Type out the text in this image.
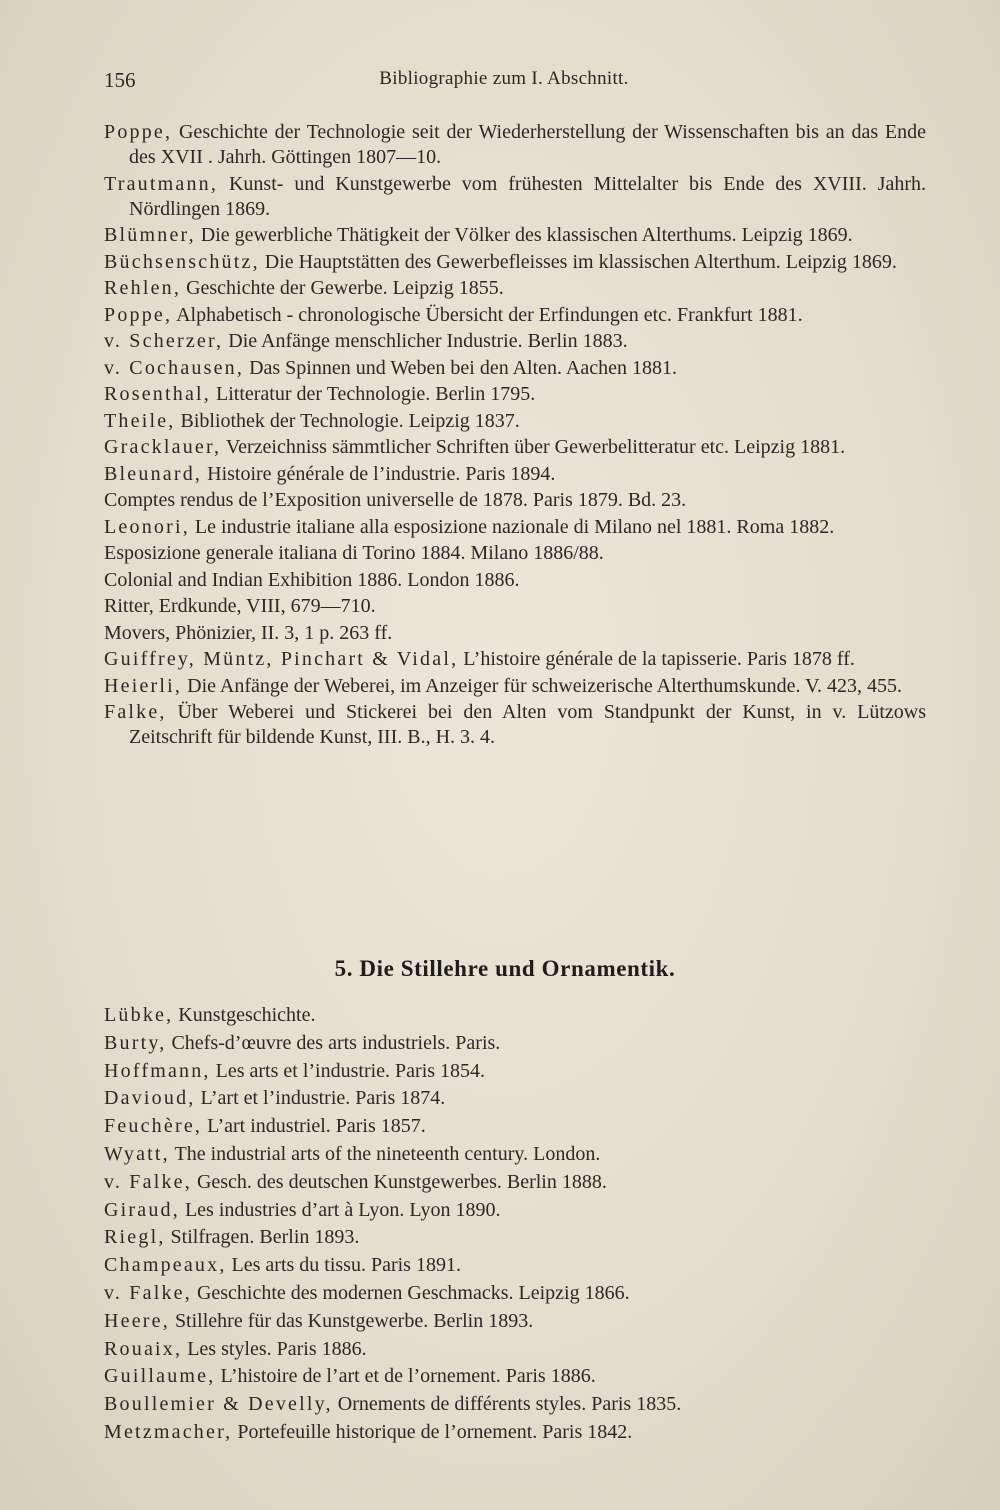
156	Bibliographie zum I. Abschnitt.

Poppe, Geschichte der Technologie seit der Wiederherstellung der Wissenschaften bis an das Ende des XVII . Jahrh. Göttingen 1807—10.

Trautmann, Kunst- und Kunstgewerbe vom frühesten Mittelalter bis Ende des XVIII. Jahrh. Nördlingen 1869.

Blümner, Die gewerbliche Thätigkeit der Völker des klassischen Alterthums. Leipzig 1869.

Büchsenschütz, Die Hauptstätten des Gewerbefleisses im klassischen Alterthum. Leipzig 1869.

Rehlen, Geschichte der Gewerbe. Leipzig 1855.

Poppe, Alphabetisch - chronologische Übersicht der Erfindungen etc. Frankfurt 1881.

v. Scherzer, Die Anfänge menschlicher Industrie. Berlin 1883.

v. Cochausen, Das Spinnen und Weben bei den Alten. Aachen 1881.

Rosenthal, Litteratur der Technologie. Berlin 1795.

Theile, Bibliothek der Technologie. Leipzig 1837.

Gracklauer, Verzeichniss sämmtlicher Schriften über Gewerbelitteratur etc. Leipzig 1881.

Bleunard, Histoire générale de l’industrie. Paris 1894.

Comptes rendus de l’Exposition universelle de 1878. Paris 1879. Bd. 23.

Leonori, Le industrie italiane alla esposizione nazionale di Milano nel 1881. Roma 1882.

Esposizione generale italiana di Torino 1884. Milano 1886/88.

Colonial and Indian Exhibition 1886. London 1886.

Ritter, Erdkunde, VIII, 679—710.

Movers, Phönizier, II. 3, 1 p. 263 ff.

Guiffrey, Müntz, Pinchart & Vidal, L’histoire générale de la tapisserie. Paris 1878 ff.

Heierli, Die Anfänge der Weberei, im Anzeiger für schweizerische Alterthumskunde. V. 423, 455.

Falke, Über Weberei und Stickerei bei den Alten vom Standpunkt der Kunst, in v. Lützows Zeitschrift für bildende Kunst, III. B., H. 3. 4.

5. Die Stillehre und Ornamentik.

Lübke, Kunstgeschichte.

Burty, Chefs-d’œuvre des arts industriels. Paris.

Hoffmann, Les arts et l’industrie. Paris 1854.

Davioud, L’art et l’industrie. Paris 1874.

Feuchère, L’art industriel. Paris 1857.

Wyatt, The industrial arts of the nineteenth century. London.

v. Falke, Gesch. des deutschen Kunstgewerbes. Berlin 1888.

Giraud, Les industries d’art à Lyon. Lyon 1890.

Riegl, Stilfragen. Berlin 1893.

Champeaux, Les arts du tissu. Paris 1891.

v. Falke, Geschichte des modernen Geschmacks. Leipzig 1866.

Heere, Stillehre für das Kunstgewerbe. Berlin 1893.

Rouaix, Les styles. Paris 1886.

Guillaume, L’histoire de l’art et de l’ornement. Paris 1886.

Boullemier & Develly, Ornements de différents styles. Paris 1835.

Metzmacher, Portefeuille historique de l’ornement. Paris 1842.
